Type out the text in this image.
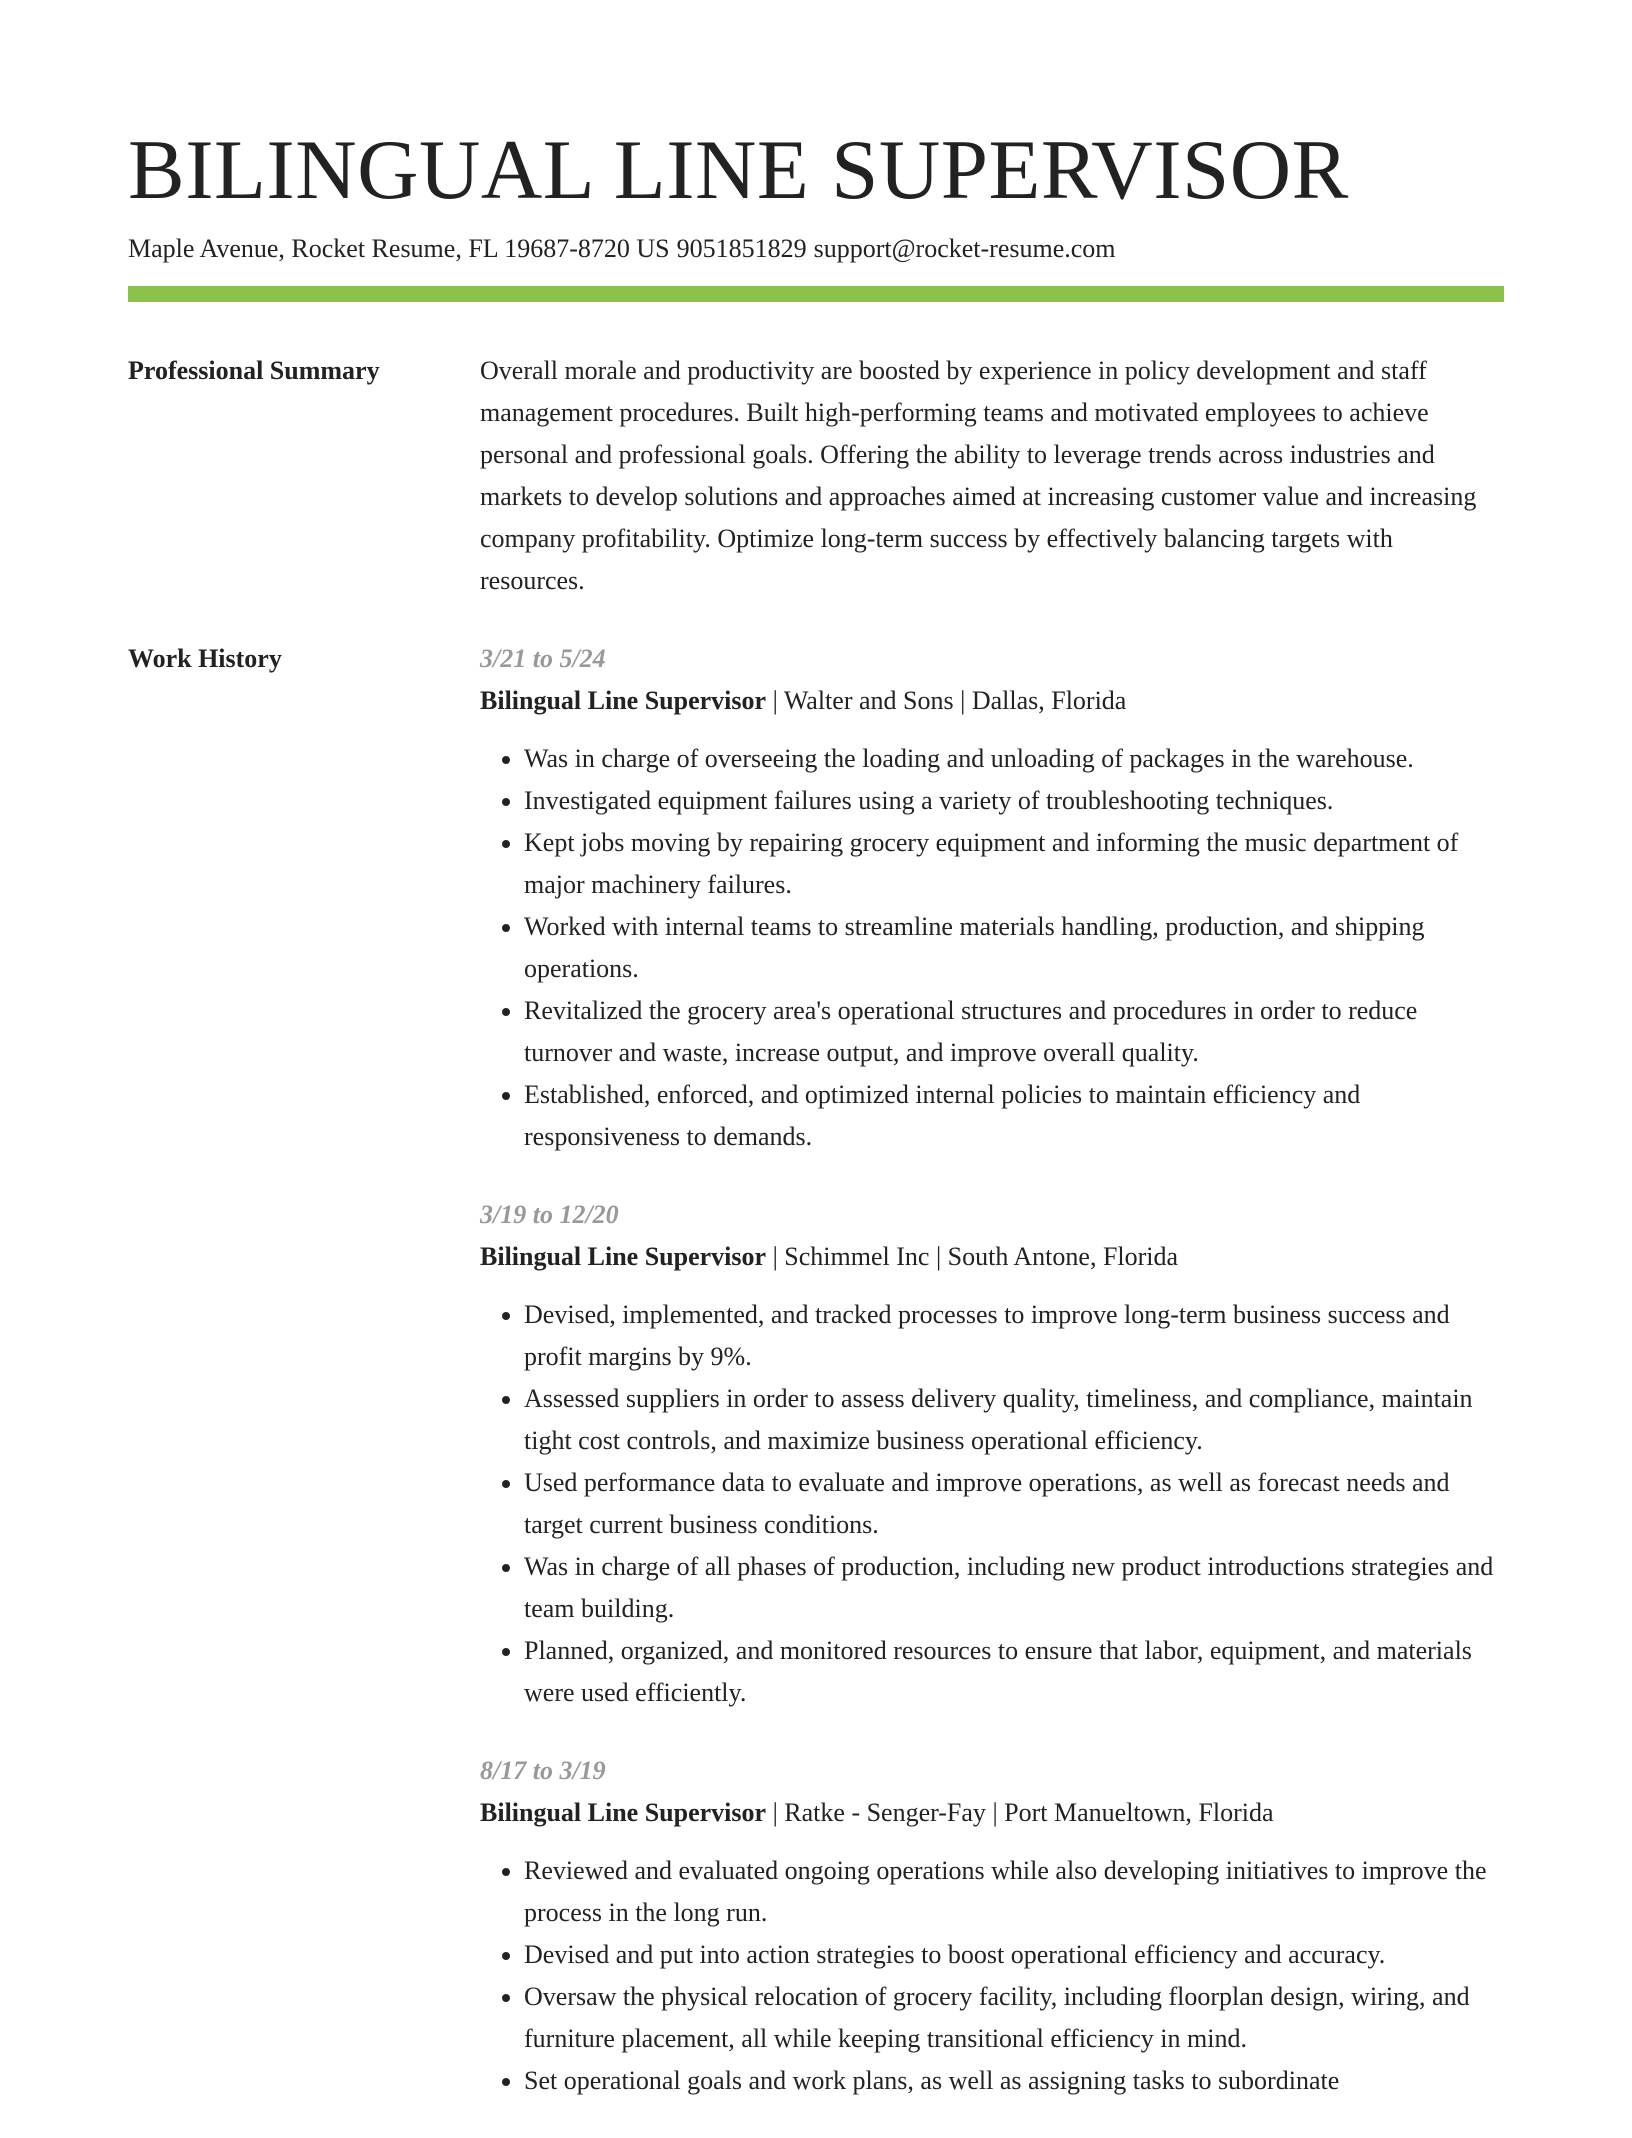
BILINGUAL LINE SUPERVISOR
Maple Avenue, Rocket Resume, FL 19687-8720 US 9051851829 support@rocket-resume.com
Professional Summary	Overall morale and productivity are boosted by experience in policy development and staff management procedures. Built high-performing teams and motivated employees to achieve personal and professional goals. Offering the ability to leverage trends across industries and markets to develop solutions and approaches aimed at increasing customer value and increasing company profitability. Optimize long-term success by effectively balancing targets with resources.

Work History	3/21 to 5/24
Bilingual Line Supervisor | Walter and Sons | Dallas, Florida
• Was in charge of overseeing the loading and unloading of packages in the warehouse.
• Investigated equipment failures using a variety of troubleshooting techniques.
• Kept jobs moving by repairing grocery equipment and informing the music department of major machinery failures.
• Worked with internal teams to streamline materials handling, production, and shipping operations.
• Revitalized the grocery area's operational structures and procedures in order to reduce turnover and waste, increase output, and improve overall quality.
• Established, enforced, and optimized internal policies to maintain efficiency and responsiveness to demands.
3/19 to 12/20
Bilingual Line Supervisor | Schimmel Inc | South Antone, Florida
• Devised, implemented, and tracked processes to improve long-term business success and profit margins by 9%.
• Assessed suppliers in order to assess delivery quality, timeliness, and compliance, maintain tight cost controls, and maximize business operational efficiency.
• Used performance data to evaluate and improve operations, as well as forecast needs and target current business conditions.
• Was in charge of all phases of production, including new product introductions strategies and team building.
• Planned, organized, and monitored resources to ensure that labor, equipment, and materials were used efficiently.
8/17 to 3/19
Bilingual Line Supervisor | Ratke - Senger-Fay | Port Manueltown, Florida
• Reviewed and evaluated ongoing operations while also developing initiatives to improve the process in the long run.
• Devised and put into action strategies to boost operational efficiency and accuracy.
• Oversaw the physical relocation of grocery facility, including floorplan design, wiring, and furniture placement, all while keeping transitional efficiency in mind.
• Set operational goals and work plans, as well as assigning tasks to subordinate
